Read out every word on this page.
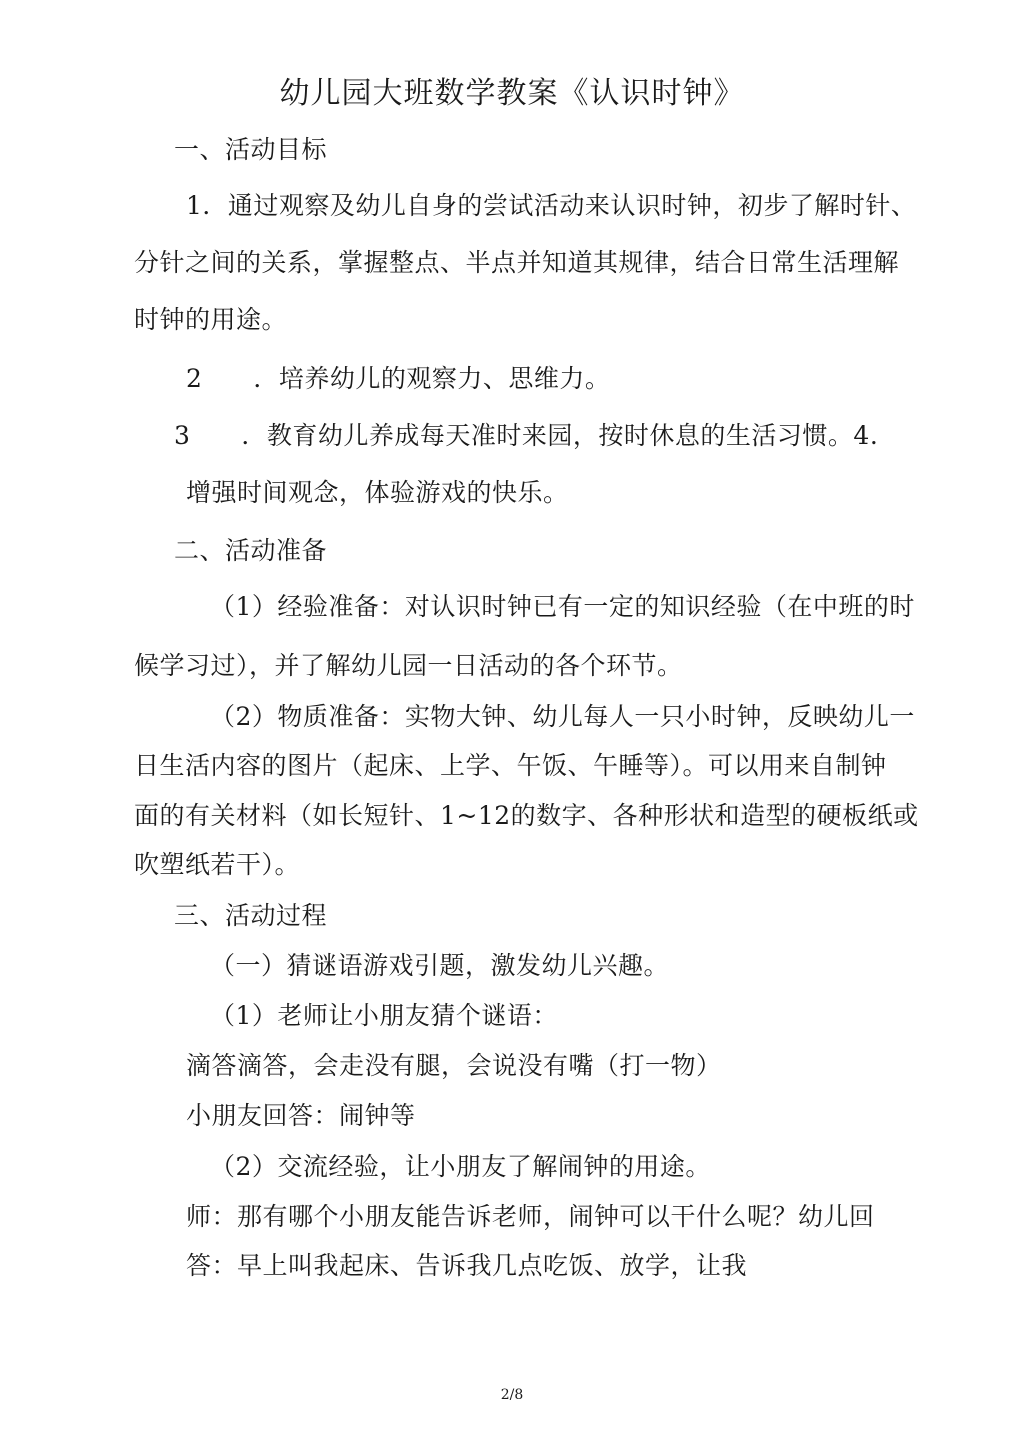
幼儿园大班数学教案《认识时钟》
一、活动目标
1．通过观察及幼儿自身的尝试活动来认识时钟，初步了解时针、
分针之间的关系，掌握整点、半点并知道其规律，结合日常生活理解
时钟的用途。
2　　．培养幼儿的观察力、思维力。
3　　．教育幼儿养成每天准时来园，按时休息的生活习惯。4.
增强时间观念，体验游戏的快乐。
二、活动准备
（1）经验准备：对认识时钟已有一定的知识经验（在中班的时
候学习过），并了解幼儿园一日活动的各个环节。
（2）物质准备：实物大钟、幼儿每人一只小时钟，反映幼儿一
日生活内容的图片（起床、上学、午饭、午睡等）。可以用来自制钟
面的有关材料（如长短针、1~12的数字、各种形状和造型的硬板纸或
吹塑纸若干）。
三、活动过程
（一）猜谜语游戏引题，激发幼儿兴趣。
（1）老师让小朋友猜个谜语：
滴答滴答，会走没有腿，会说没有嘴（打一物）
小朋友回答：闹钟等
（2）交流经验，让小朋友了解闹钟的用途。
师：那有哪个小朋友能告诉老师，闹钟可以干什么呢？幼儿回
答：早上叫我起床、告诉我几点吃饭、放学，让我
2/8
